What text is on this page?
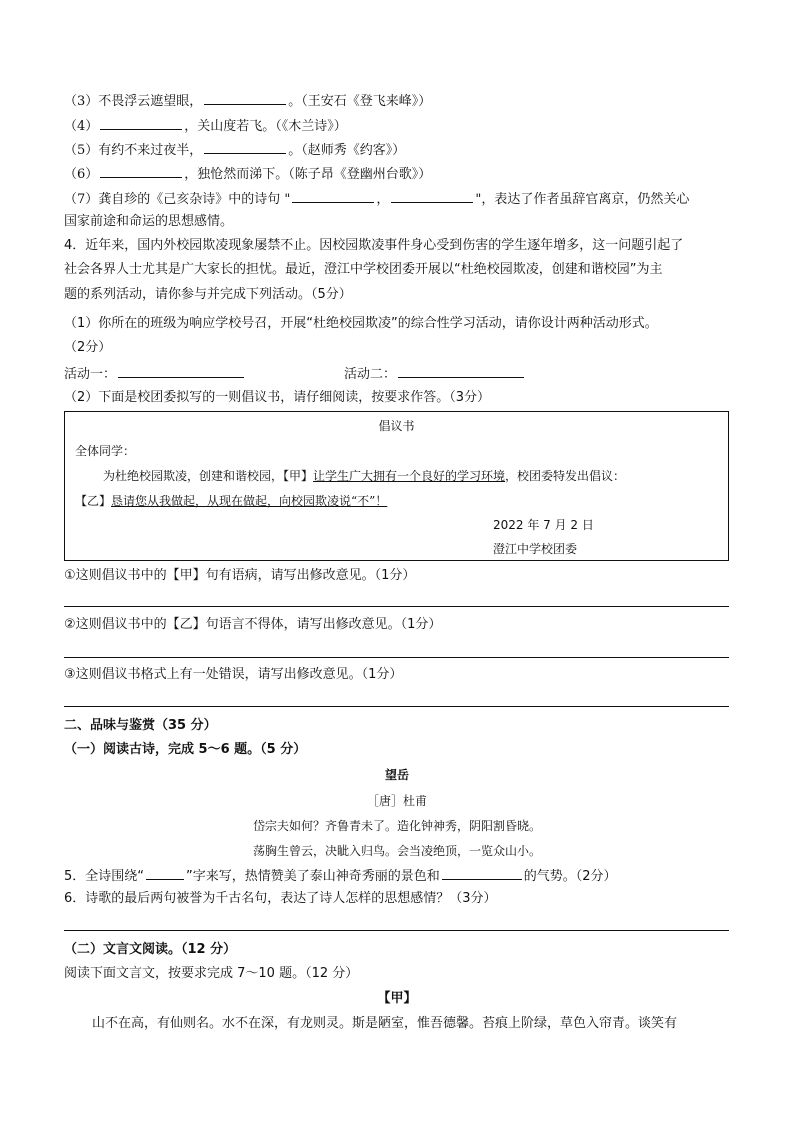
（3）不畏浮云遮望眼，	。（王安石《登飞来峰》）
（4）	，关山度若飞。（《木兰诗》）
（5）有约不来过夜半，	。（赵师秀《约客》）
（6）	，独怆然而涕下。（陈子昂《登幽州台歌》）
（7）龚自珍的《己亥杂诗》中的诗句 "	，	"，表达了作者虽辞官离京，仍然关心
国家前途和命运的思想感情。
4．近年来，国内外校园欺凌现象屡禁不止。因校园欺凌事件身心受到伤害的学生逐年增多，这一问题引起了
社会各界人士尤其是广大家长的担忧。最近，澄江中学校团委开展以“杜绝校园欺凌，创建和谐校园”为主
题的系列活动，请你参与并完成下列活动。（5分）
（1）你所在的班级为响应学校号召，开展“杜绝校园欺凌”的综合性学习活动，请你设计两种活动形式。
（2分）
活动一：	活动二：
（2）下面是校团委拟写的一则倡议书，请仔细阅读，按要求作答。（3分）
倡议书
全体同学：
为杜绝校园欺凌，创建和谐校园，【甲】让学生广大拥有一个良好的学习环境，校团委特发出倡议：
【乙】恳请您从我做起，从现在做起，向校园欺凌说“不”！
2022 年 7 月 2 日
澄江中学校团委
①这则倡议书中的【甲】句有语病，请写出修改意见。（1分）
②这则倡议书中的【乙】句语言不得体，请写出修改意见。（1分）
③这则倡议书格式上有一处错误，请写出修改意见。（1分）
二、品味与鉴赏（35 分）
（一）阅读古诗，完成 5～6 题。（5 分）
望岳
［唐］杜甫
岱宗夫如何？齐鲁青未了。造化钟神秀，阴阳割昏晓。
荡胸生曾云，决眦入归鸟。会当凌绝顶，一览众山小。
5．全诗围绕“	”字来写，热情赞美了泰山神奇秀丽的景色和	的气势。（2分）
6．诗歌的最后两句被誉为千古名句，表达了诗人怎样的思想感情？（3分）
（二）文言文阅读。（12 分）
阅读下面文言文，按要求完成 7～10 题。（12 分）
【甲】
山不在高，有仙则名。水不在深，有龙则灵。斯是陋室，惟吾德馨。苔痕上阶绿，草色入帘青。谈笑有
